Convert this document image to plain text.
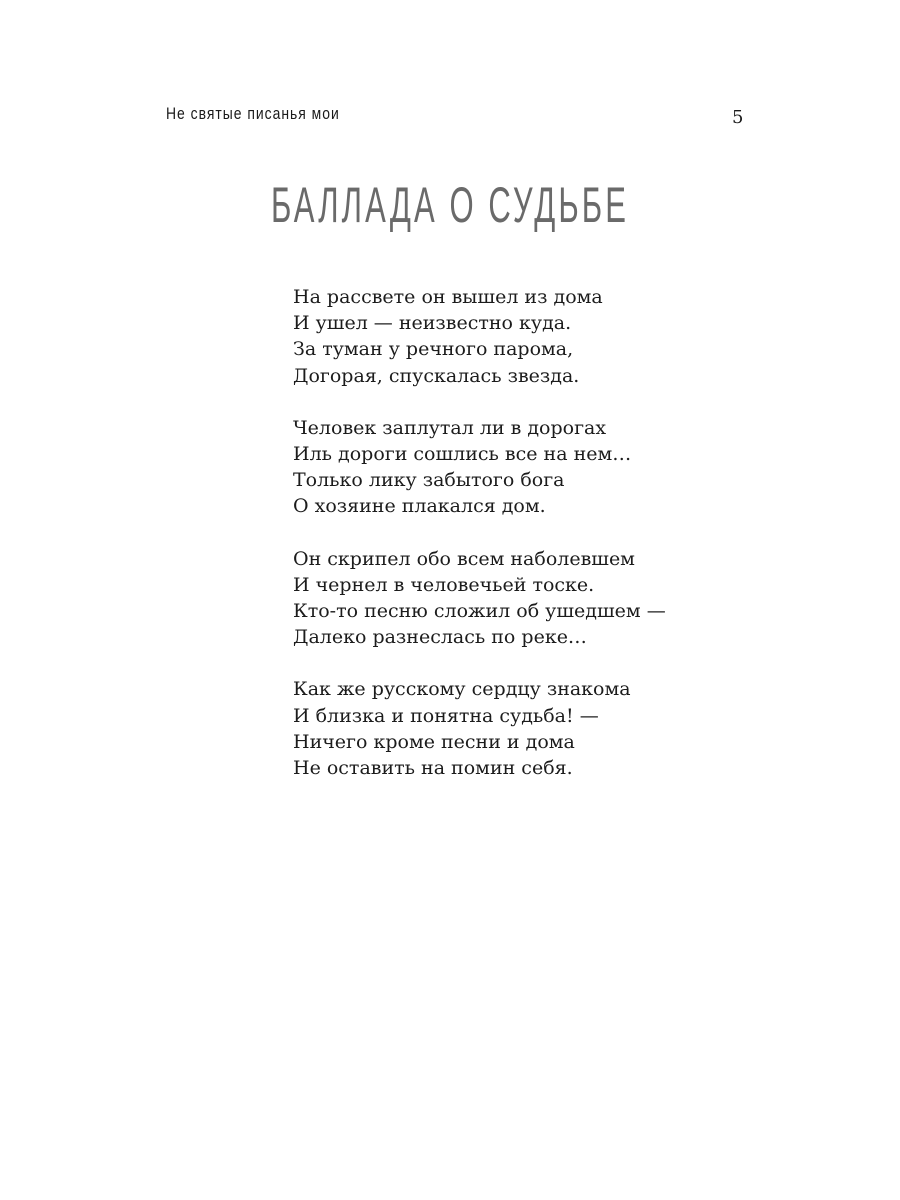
Не святые писанья мои	5
БАЛЛАДА О СУДЬБЕ
На рассвете он вышел из дома
И ушел — неизвестно куда.
За туман у речного парома,
Догорая, спускалась звезда.
Человек заплутал ли в дорогах
Иль дороги сошлись все на нем…
Только лику забытого бога
О хозяине плакался дом.
Он скрипел обо всем наболевшем
И чернел в человечьей тоске.
Кто-то песню сложил об ушедшем —
Далеко разнеслась по реке…
Как же русскому сердцу знакома
И близка и понятна судьба! —
Ничего кроме песни и дома
Не оставить на помин себя.
